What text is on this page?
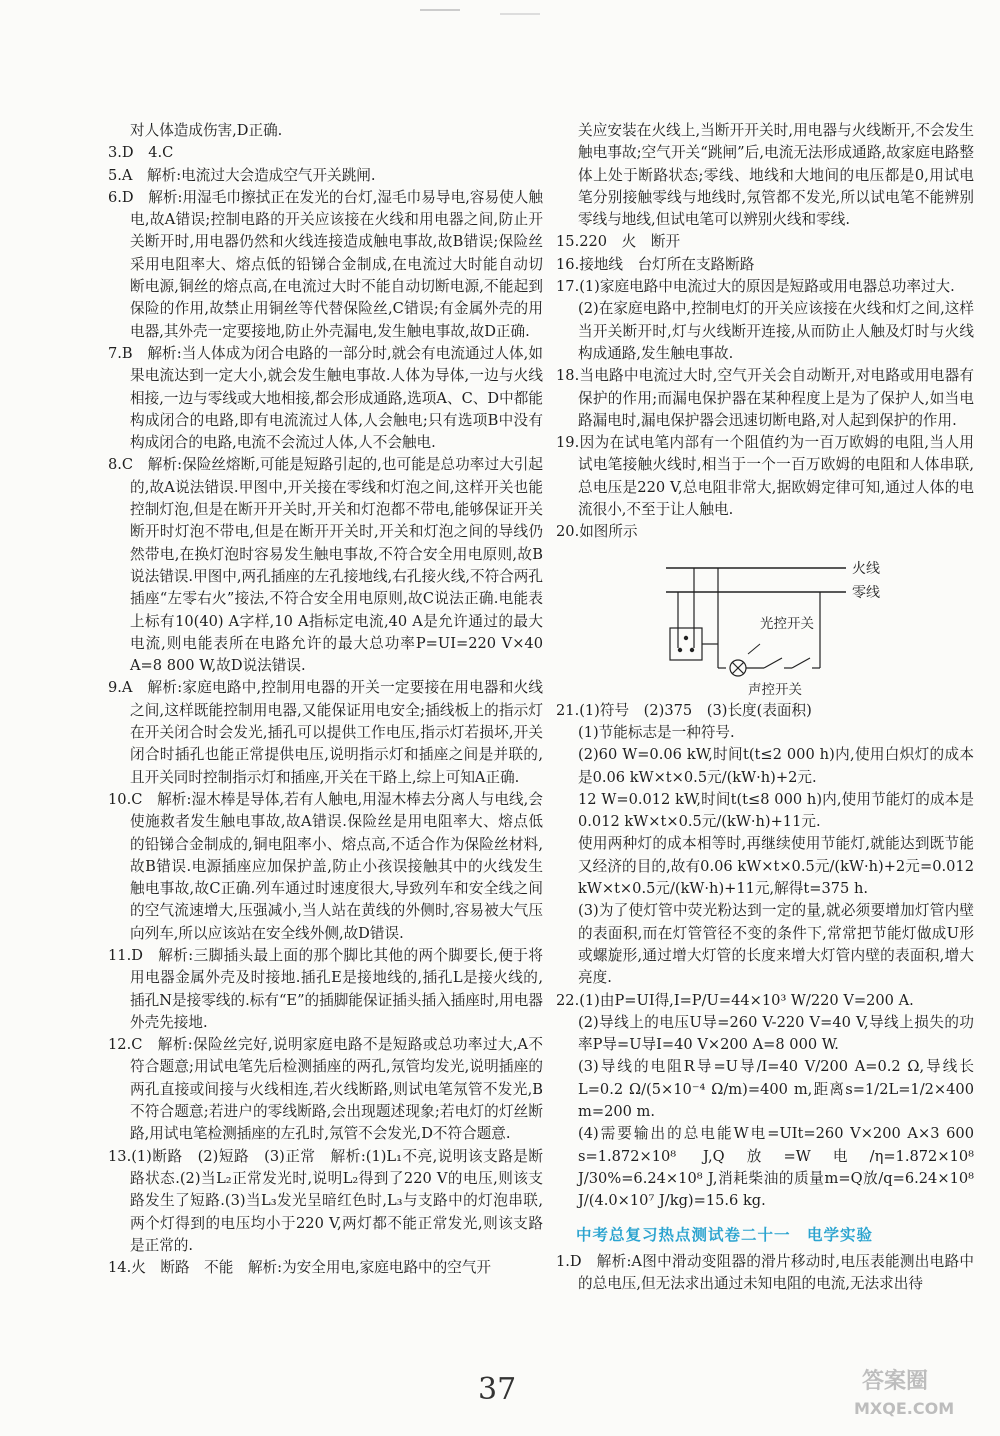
对人体造成伤害,D正确.

3.D　4.C

5.A　解析:电流过大会造成空气开关跳闸.

6.D　解析:用湿毛巾擦拭正在发光的台灯,湿毛巾易导电,容易使人触电,故A错误;控制电路的开关应该接在火线和用电器之间,防止开关断开时,用电器仍然和火线连接造成触电事故,故B错误;保险丝采用电阻率大、熔点低的铅锑合金制成,在电流过大时能自动切断电源,铜丝的熔点高,在电流过大时不能自动切断电源,不能起到保险的作用,故禁止用铜丝等代替保险丝,C错误;有金属外壳的用电器,其外壳一定要接地,防止外壳漏电,发生触电事故,故D正确.

7.B　解析:当人体成为闭合电路的一部分时,就会有电流通过人体,如果电流达到一定大小,就会发生触电事故.人体为导体,一边与火线相接,一边与零线或大地相接,都会形成通路,选项A、C、D中都能构成闭合的电路,即有电流流过人体,人会触电;只有选项B中没有构成闭合的电路,电流不会流过人体,人不会触电.

8.C　解析:保险丝熔断,可能是短路引起的,也可能是总功率过大引起的,故A说法错误.甲图中,开关接在零线和灯泡之间,这样开关也能控制灯泡,但是在断开开关时,开关和灯泡都不带电,能够保证开关断开时灯泡不带电,但是在断开开关时,开关和灯泡之间的导线仍然带电,在换灯泡时容易发生触电事故,不符合安全用电原则,故B说法错误.甲图中,两孔插座的左孔接地线,右孔接火线,不符合两孔插座“左零右火”接法,不符合安全用电原则,故C说法正确.电能表上标有10(40) A字样,10 A指标定电流,40 A是允许通过的最大电流,则电能表所在电路允许的最大总功率P=UI=220 V×40 A=8 800 W,故D说法错误.

9.A　解析:家庭电路中,控制用电器的开关一定要接在用电器和火线之间,这样既能控制用电器,又能保证用电安全;插线板上的指示灯在开关闭合时会发光,插孔可以提供工作电压,指示灯若损坏,开关闭合时插孔也能正常提供电压,说明指示灯和插座之间是并联的,且开关同时控制指示灯和插座,开关在干路上,综上可知A正确.

10.C　解析:湿木棒是导体,若有人触电,用湿木棒去分离人与电线,会使施救者发生触电事故,故A错误.保险丝是用电阻率大、熔点低的铅锑合金制成的,铜电阻率小、熔点高,不适合作为保险丝材料,故B错误.电源插座应加保护盖,防止小孩误接触其中的火线发生触电事故,故C正确.列车通过时速度很大,导致列车和安全线之间的空气流速增大,压强减小,当人站在黄线的外侧时,容易被大气压向列车,所以应该站在安全线外侧,故D错误.

11.D　解析:三脚插头最上面的那个脚比其他的两个脚要长,便于将用电器金属外壳及时接地.插孔E是接地线的,插孔L是接火线的,插孔N是接零线的.标有“E”的插脚能保证插头插入插座时,用电器外壳先接地.

12.C　解析:保险丝完好,说明家庭电路不是短路或总功率过大,A不符合题意;用试电笔先后检测插座的两孔,氖管均发光,说明插座的两孔直接或间接与火线相连,若火线断路,则试电笔氖管不发光,B不符合题意;若进户的零线断路,会出现题述现象;若电灯的灯丝断路,用试电笔检测插座的左孔时,氖管不会发光,D不符合题意.

13.(1)断路　(2)短路　(3)正常　解析:(1)L₁不亮,说明该支路是断路状态.(2)当L₂正常发光时,说明L₂得到了220 V的电压,则该支路发生了短路.(3)当L₃发光呈暗红色时,L₃与支路中的灯泡串联,两个灯得到的电压均小于220 V,两灯都不能正常发光,则该支路是正常的.

14.火　断路　不能　解析:为安全用电,家庭电路中的空气开

关应安装在火线上,当断开开关时,用电器与火线断开,不会发生触电事故;空气开关“跳闸”后,电流无法形成通路,故家庭电路整体上处于断路状态;零线、地线和大地间的电压都是0,用试电笔分别接触零线与地线时,氖管都不发光,所以试电笔不能辨别零线与地线,但试电笔可以辨别火线和零线.

15.220　火　断开

16.接地线　台灯所在支路断路

17.(1)家庭电路中电流过大的原因是短路或用电器总功率过大.

(2)在家庭电路中,控制电灯的开关应该接在火线和灯之间,这样当开关断开时,灯与火线断开连接,从而防止人触及灯时与火线构成通路,发生触电事故.

18.当电路中电流过大时,空气开关会自动断开,对电路或用电器有保护的作用;而漏电保护器在某种程度上是为了保护人,如当电路漏电时,漏电保护器会迅速切断电路,对人起到保护的作用.

19.因为在试电笔内部有一个阻值约为一百万欧姆的电阻,当人用试电笔接触火线时,相当于一个一百万欧姆的电阻和人体串联,总电压是220 V,总电阻非常大,据欧姆定律可知,通过人体的电流很小,不至于让人触电.

20.如图所示

火线
零线
光控开关
声控开关

21.(1)符号　(2)375　(3)长度(表面积)

(1)节能标志是一种符号.

(2)60 W=0.06 kW,时间t(t≤2 000 h)内,使用白炽灯的成本是0.06 kW×t×0.5元/(kW·h)+2元.

12 W=0.012 kW,时间t(t≤8 000 h)内,使用节能灯的成本是0.012 kW×t×0.5元/(kW·h)+11元.

使用两种灯的成本相等时,再继续使用节能灯,就能达到既节能又经济的目的,故有0.06 kW×t×0.5元/(kW·h)+2元=0.012 kW×t×0.5元/(kW·h)+11元,解得t=375 h.

(3)为了使灯管中荧光粉达到一定的量,就必须要增加灯管内壁的表面积,而在灯管管径不变的条件下,常常把节能灯做成U形或螺旋形,通过增大灯管的长度来增大灯管内壁的表面积,增大亮度.

22.(1)由P=UI得,I=P/U=44×10³ W/220 V=200 A.

(2)导线上的电压U导=260 V-220 V=40 V,导线上损失的功率P导=U导I=40 V×200 A=8 000 W.

(3)导线的电阻R导=U导/I=40 V/200 A=0.2 Ω,导线长L=0.2 Ω/(5×10⁻⁴ Ω/m)=400 m,距离s=1/2L=1/2×400 m=200 m.

(4)需要输出的总电能W电=UIt=260 V×200 A×3 600 s=1.872×10⁸ J,Q放=W电/η=1.872×10⁸ J/30%=6.24×10⁸ J,消耗柴油的质量m=Q放/q=6.24×10⁸ J/(4.0×10⁷ J/kg)=15.6 kg.

中考总复习热点测试卷二十一　电学实验

1.D　解析:A图中滑动变阻器的滑片移动时,电压表能测出电路中的总电压,但无法求出通过未知电阻的电流,无法求出待

37	答案圈
MXQE.COM
